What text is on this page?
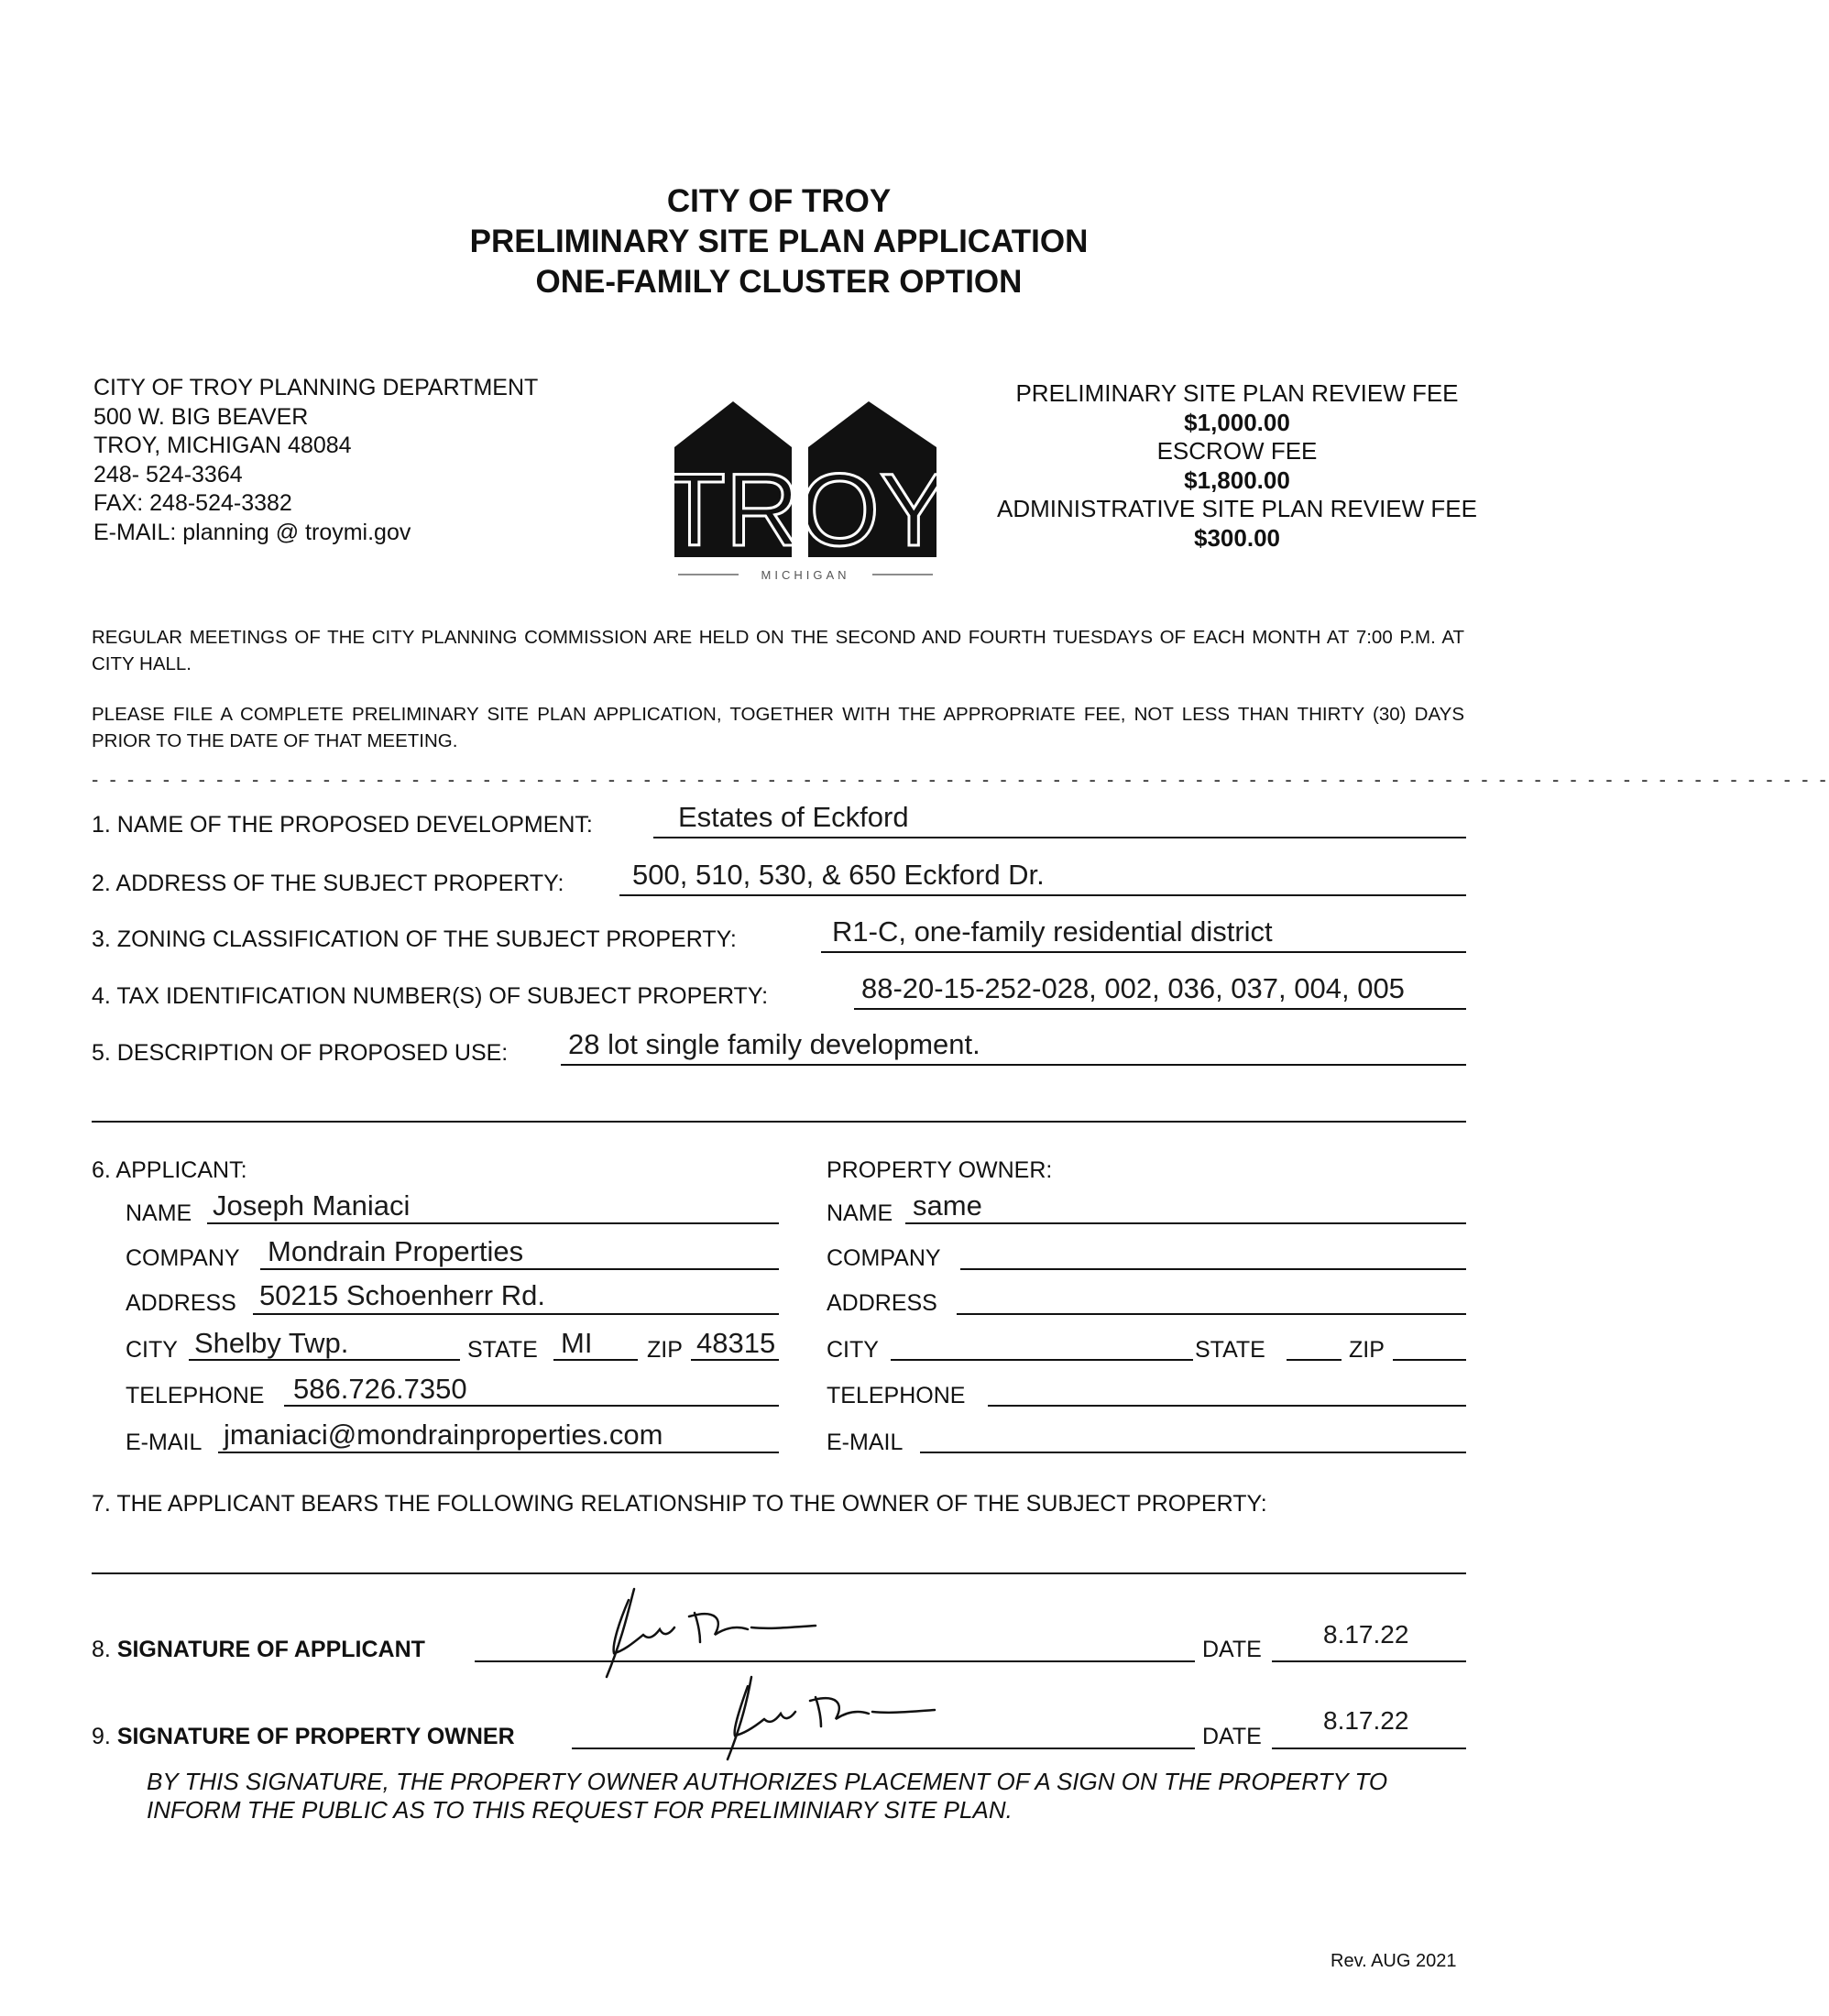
CITY OF TROY
PRELIMINARY SITE PLAN APPLICATION
ONE-FAMILY CLUSTER OPTION
CITY OF TROY PLANNING DEPARTMENT
500 W. BIG BEAVER
TROY, MICHIGAN 48084
248- 524-3364
FAX: 248-524-3382
E-MAIL: planning @ troymi.gov	TROY
MICHIGAN
PRELIMINARY SITE PLAN REVIEW FEE
$1,000.00
ESCROW FEE
$1,800.00
ADMINISTRATIVE SITE PLAN REVIEW FEE
$300.00
REGULAR MEETINGS OF THE CITY PLANNING COMMISSION ARE HELD ON THE SECOND AND FOURTH TUESDAYS OF EACH MONTH AT 7:00 P.M. AT CITY HALL.
PLEASE FILE A COMPLETE PRELIMINARY SITE PLAN APPLICATION, TOGETHER WITH THE APPROPRIATE FEE, NOT LESS THAN THIRTY (30) DAYS PRIOR TO THE DATE OF THAT MEETING.
- - - - - - - - - - - - - - - - - - - - - - - - - - - - - - - - - - - - - - - - - - - - - - - - - - - - - - - - - - - - - - - - - - - - - - - - - - - - - - - - - - - - - - - - - - - - - - - - - -
1. NAME OF THE PROPOSED DEVELOPMENT:	Estates of Eckford
2. ADDRESS OF THE SUBJECT PROPERTY: 500, 510, 530, & 650 Eckford Dr.
3. ZONING CLASSIFICATION OF THE SUBJECT PROPERTY:	R1-C, one-family residential district
4. TAX IDENTIFICATION NUMBER(S) OF SUBJECT PROPERTY:	88-20-15-252-028, 002, 036, 037, 004, 005
5. DESCRIPTION OF PROPOSED USE: 28 lot single family development.
6. APPLICANT:
NAME Joseph Maniaci
COMPANY Mondrain Properties
ADDRESS 50215 Schoenherr Rd.
CITY Shelby Twp.	STATE MI ZIP 48315
TELEPHONE 586.726.7350
E-MAIL jmaniaci@mondrainproperties.com
PROPERTY OWNER:
NAME same
COMPANY
ADDRESS
CITY	STATE	ZIP
TELEPHONE
E-MAIL
7. THE APPLICANT BEARS THE FOLLOWING RELATIONSHIP TO THE OWNER OF THE SUBJECT PROPERTY:
8. SIGNATURE OF APPLICANT	DATE
8.17.22
9. SIGNATURE OF PROPERTY OWNER	DATE
8.17.22
BY THIS SIGNATURE, THE PROPERTY OWNER AUTHORIZES PLACEMENT OF A SIGN ON THE PROPERTY TO INFORM THE PUBLIC AS TO THIS REQUEST FOR PRELIMINIARY SITE PLAN.
Rev. AUG 2021
